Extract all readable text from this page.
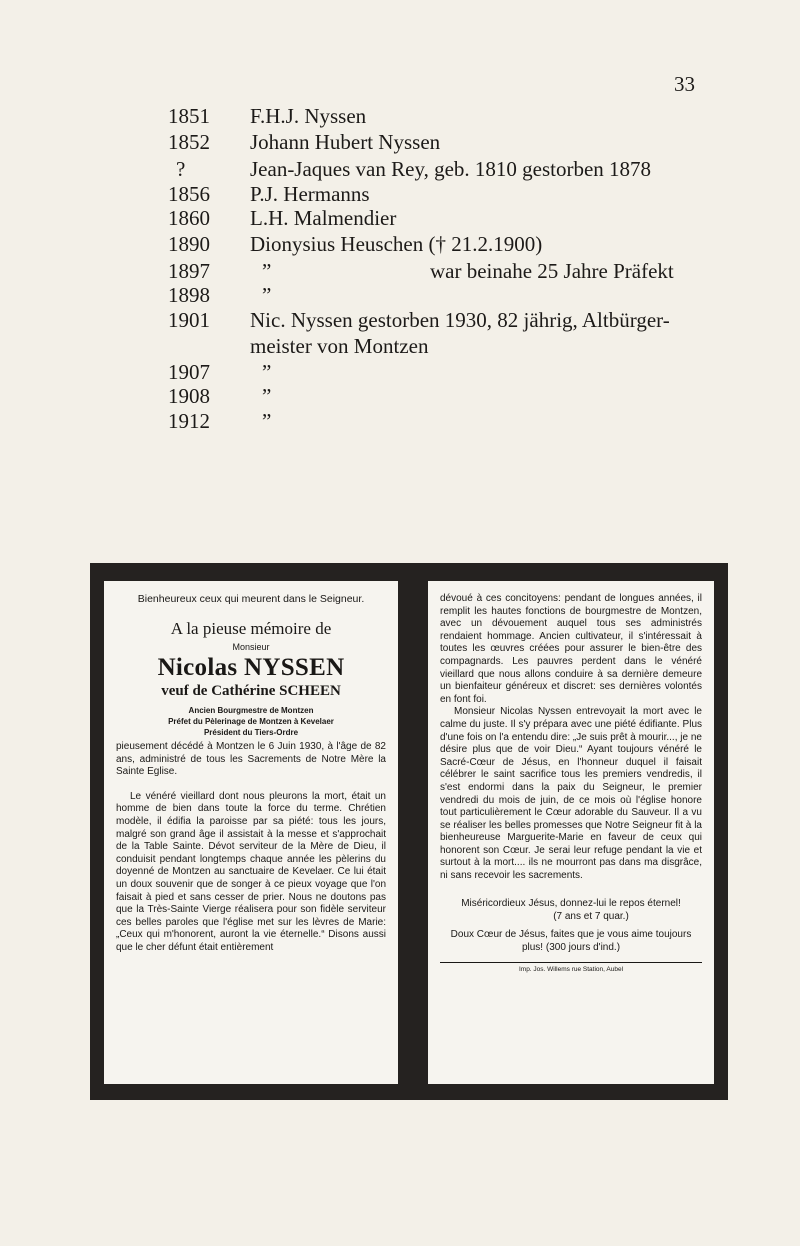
33
1851	F.H.J. Nyssen
1852	Johann Hubert Nyssen
?	Jean-Jaques van Rey, geb. 1810 gestorben 1878
1856	P.J. Hermanns
1860	L.H. Malmendier
1890	Dionysius Heuschen († 21.2.1900)
1897	”	war beinahe 25 Jahre Präfekt
1898	”
1901	Nic. Nyssen gestorben 1930, 82 jährig, Altbürger-
meister von Montzen
1907	”
1908	”
1912	”
Bienheureux ceux qui meurent dans le Seigneur.
A la pieuse mémoire de
Monsieur
Nicolas NYSSEN
veuf de Cathérine SCHEEN
Ancien Bourgmestre de Montzen
Préfet du Pèlerinage de Montzen à Kevelaer
Président du Tiers-Ordre
pieusement décédé à Montzen le 6 Juin 1930, à l'âge de 82 ans, administré de tous les Sacrements de Notre Mère la Sainte Eglise.
Le vénéré vieillard dont nous pleurons la mort, était un homme de bien dans toute la force du terme. Chrétien modèle, il édifia la paroisse par sa piété: tous les jours, malgré son grand âge il assistait à la messe et s'approchait de la Table Sainte. Dévot serviteur de la Mère de Dieu, il conduisit pendant longtemps chaque année les pèlerins du doyenné de Montzen au sanctuaire de Kevelaer. Ce lui était un doux souvenir que de songer à ce pieux voyage que l'on faisait à pied et sans cesser de prier. Nous ne doutons pas que la Très-Sainte Vierge réalisera pour son fidèle serviteur ces belles paroles que l'église met sur les lèvres de Marie: „Ceux qui m'honorent, auront la vie éternelle.“ Disons aussi que le cher défunt était entièrement
dévoué à ces concitoyens: pendant de longues années, il remplit les hautes fonctions de bourgmestre de Montzen, avec un dévouement auquel tous ses administrés rendaient hommage. Ancien cultivateur, il s'intéressait à toutes les œuvres créées pour assurer le bien-être des compagnards. Les pauvres perdent dans le vénéré vieillard que nous allons conduire à sa dernière demeure un bienfaiteur généreux et discret: ses dernières volontés en font foi.
Monsieur Nicolas Nyssen entrevoyait la mort avec le calme du juste. Il s'y prépara avec une piété édifiante. Plus d'une fois on l'a entendu dire: „Je suis prêt à mourir..., je ne désire plus que de voir Dieu.“ Ayant toujours vénéré le Sacré-Cœur de Jésus, en l'honneur duquel il faisait célébrer le saint sacrifice tous les premiers vendredis, il s'est endormi dans la paix du Seigneur, le premier vendredi du mois de juin, de ce mois où l'église honore tout particulièrement le Cœur adorable du Sauveur. Il a vu se réaliser les belles promesses que Notre Seigneur fit à la bienheureuse Marguerite-Marie en faveur de ceux qui honorent son Cœur. Je serai leur refuge pendant la vie et surtout à la mort.... ils ne mourront pas dans ma disgrâce, ni sans recevoir les sacrements.
Miséricordieux Jésus, donnez-lui le repos éternel! (7 ans et 7 quar.)
Doux Cœur de Jésus, faites que je vous aime toujours plus! (300 jours d'ind.)
Imp. Jos. Willems rue Station, Aubel
